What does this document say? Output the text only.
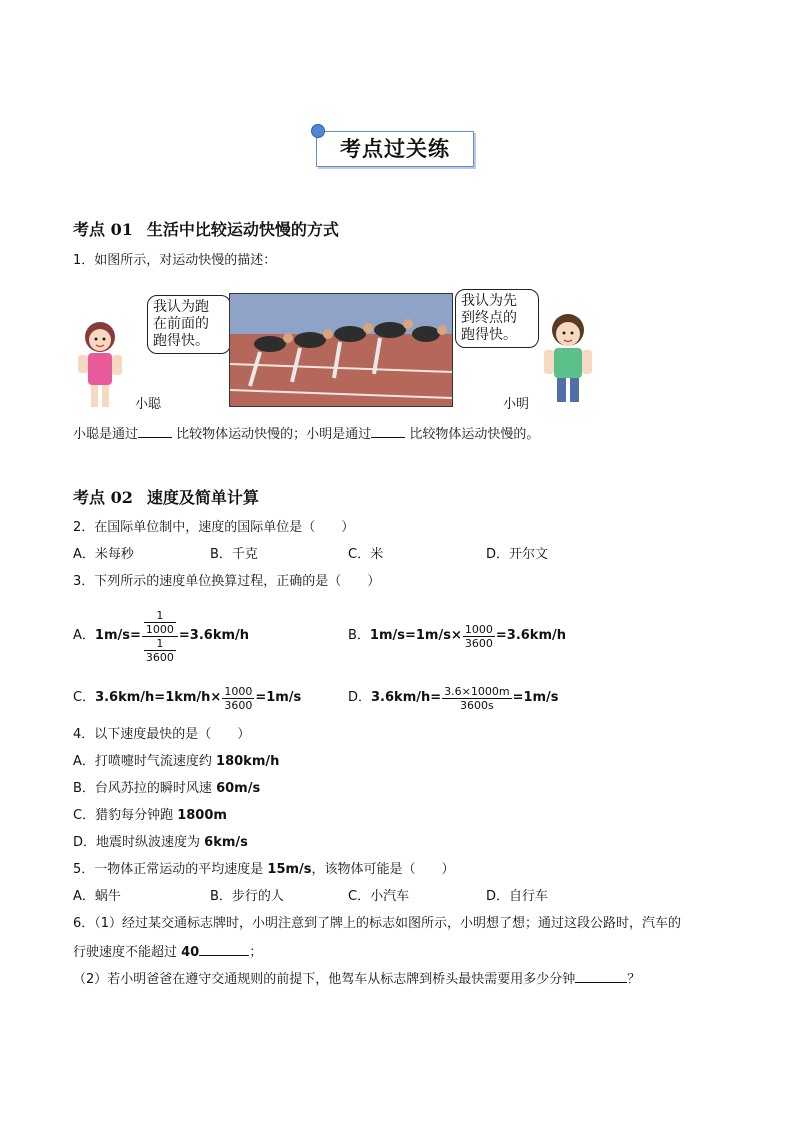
考点过关练
考点 01 生活中比较运动快慢的方式
1．如图所示，对运动快慢的描述：
我认为跑
在前面的
跑得快。
我认为先
到终点的
跑得快。
小聪	小明
小聪是通过	比较物体运动快慢的；小明是通过	比较物体运动快慢的。
考点 02 速度及简单计算
2．在国际单位制中，速度的国际单位是（　　）
A．米每秒	B．千克	C．米	D．开尔文
3．下列所示的速度单位换算过程，正确的是（　　）
A． $1m/s= \frac{\frac{1}{1000}}{\frac{1}{3600}} =3.6km/h$	B． $1m/s=1m/s\times \frac{1000}{3600} =3.6km/h$
C． $3.6km/h=1km/h\times \frac{1000}{3600} =1m/s$	D． $3.6km/h= \frac{3.6\times 1000m}{3600s} =1m/s$
4．以下速度最快的是（　　）
A．打喷嚏时气流速度约 180km/h
B．台风苏拉的瞬时风速 60m/s
C．猎豹每分钟跑 1800m
D．地震时纵波速度为 6km/s
5．一物体正常运动的平均速度是 15m/s，该物体可能是（　　）
A．蜗牛	B．步行的人	C．小汽车	D．自行车
6．（1）经过某交通标志牌时，小明注意到了牌上的标志如图所示，小明想了想；通过这段公路时，汽车的
行驶速度不能超过 40	；
（2）若小明爸爸在遵守交通规则的前提下，他驾车从标志牌到桥头最快需要用多少分钟	？
